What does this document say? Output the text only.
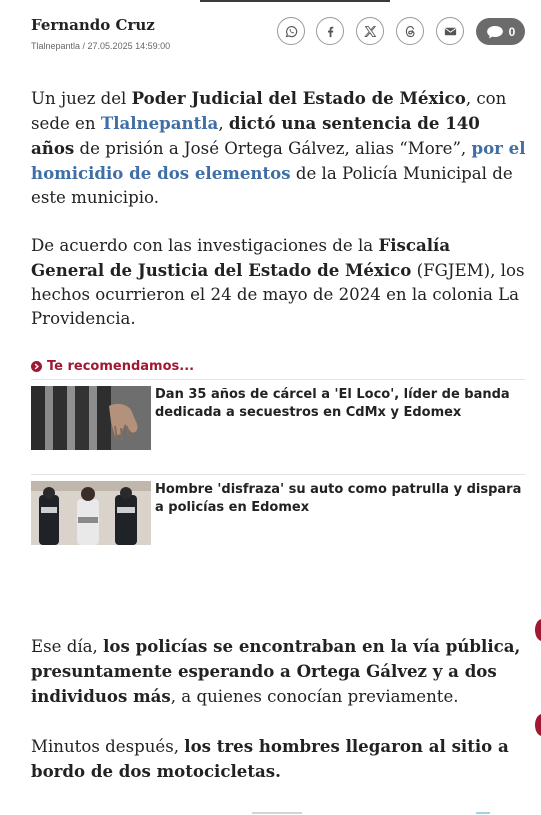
Fernando Cruz
Tlalnepantla / 27.05.2025 14:59:00
0

Un juez del Poder Judicial del Estado de México, con sede en Tlalnepantla, dictó una sentencia de 140 años de prisión a José Ortega Gálvez, alias “More”, por el homicidio de dos elementos de la Policía Municipal de este municipio.

De acuerdo con las investigaciones de la Fiscalía General de Justicia del Estado de México (FGJEM), los hechos ocurrieron el 24 de mayo de 2024 en la colonia La Providencia.

Te recomendamos...
Dan 35 años de cárcel a 'El Loco', líder de banda dedicada a secuestros en CdMx y Edomex
Hombre 'disfraza' su auto como patrulla y dispara a policías en Edomex

Ese día, los policías se encontraban en la vía pública, presuntamente esperando a Ortega Gálvez y a dos individuos más, a quienes conocían previamente.

Minutos después, los tres hombres llegaron al sitio a bordo de dos motocicletas.
